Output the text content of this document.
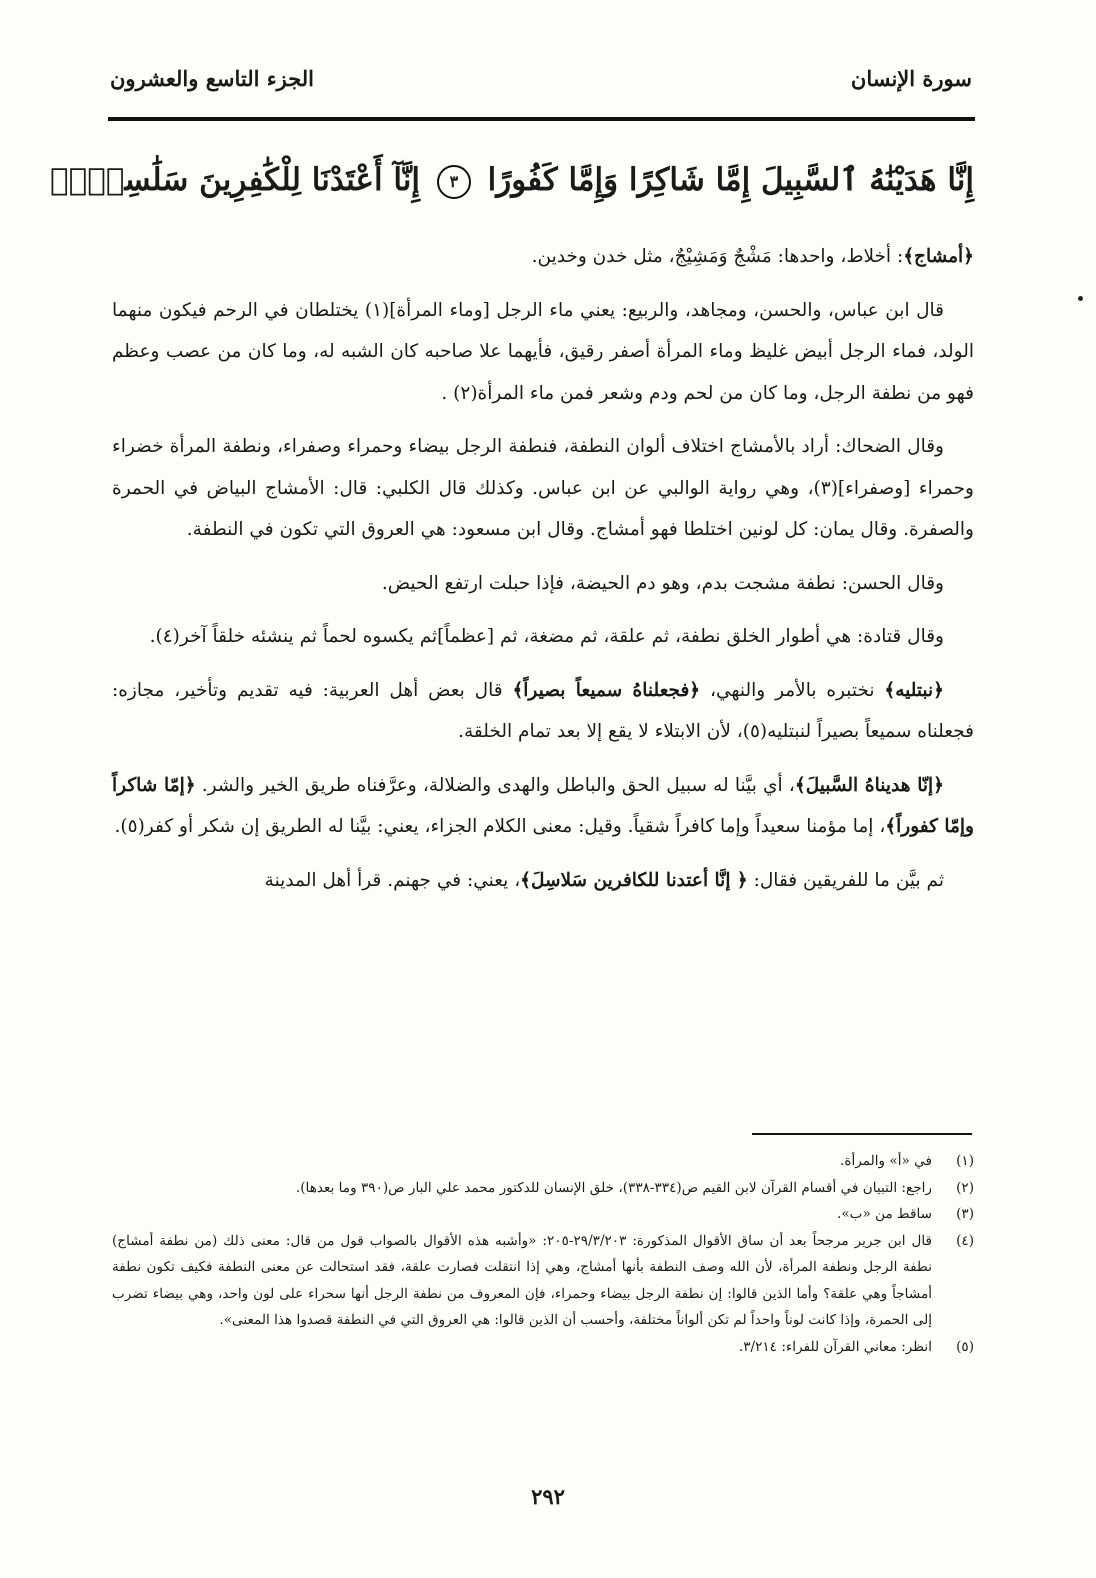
سورة الإنسان
الجزء التاسع والعشرون
إِنَّا هَدَيْنَٰهُ ٱلسَّبِيلَ إِمَّا شَاكِرًا وَإِمَّا كَفُورًا ٣ إِنَّآ أَعْتَدْنَا لِلْكَٰفِرِينَ سَلَٰسِلَا۟

﴿أمشاج﴾: أخلاط، واحدها: مَشْجٌ وَمَشِيْجٌ، مثل خدن وخدين.

قال ابن عباس، والحسن، ومجاهد، والربيع: يعني ماء الرجل [وماء المرأة](١) يختلطان في الرحم فيكون منهما الولد، فماء الرجل أبيض غليظ وماء المرأة أصفر رقيق، فأيهما علا صاحبه كان الشبه له، وما كان من عصب وعظم فهو من نطفة الرجل، وما كان من لحم ودم وشعر فمن ماء المرأة(٢) .

وقال الضحاك: أراد بالأمشاج اختلاف ألوان النطفة، فنطفة الرجل بيضاء وحمراء وصفراء، ونطفة المرأة خضراء وحمراء [وصفراء](٣)، وهي رواية الوالبي عن ابن عباس. وكذلك قال الكلبي: قال: الأمشاج البياض في الحمرة والصفرة. وقال يمان: كل لونين اختلطا فهو أمشاج. وقال ابن مسعود: هي العروق التي تكون في النطفة.

وقال الحسن: نطفة مشجت بدم، وهو دم الحيضة، فإذا حبلت ارتفع الحيض.

وقال قتادة: هي أطوار الخلق نطفة، ثم علقة، ثم مضغة، ثم [عظماً]ثم يكسوه لحماً ثم ينشئه خلقاً آخر(٤).

﴿نبتليه﴾ نختبره بالأمر والنهي، ﴿فجعلناهُ سميعاً بصيراً﴾ قال بعض أهل العربية: فيه تقديم وتأخير، مجازه: فجعلناه سميعاً بصيراً لنبتليه(٥)، لأن الابتلاء لا يقع إلا بعد تمام الخلقة.

﴿إنّا هديناهُ السَّبيلَ﴾، أي بيَّنا له سبيل الحق والباطل والهدى والضلالة، وعرَّفناه طريق الخير والشر. ﴿إمّا شاكراً وإمّا كفوراً﴾، إما مؤمنا سعيداً وإما كافراً شقياً. وقيل: معنى الكلام الجزاء، يعني: بيَّنا له الطريق إن شكر أو كفر(٥).

ثم بيَّن ما للفريقين فقال: ﴿ إنَّا أعتدنا للكافرين سَلاسِلَ﴾، يعني: في جهنم. قرأ أهل المدينة

(١)
في «أ» والمرأة.
(٢)
راجع: التبيان في أقسام القرآن لابن القيم ص(٣٣٤-٣٣٨)، خلق الإنسان للدكتور محمد علي البار ص(٣٩٠ وما بعدها).
(٣)
ساقط من «ب».
(٤)
قال ابن جرير مرجحاً بعد أن ساق الأقوال المذكورة: ٢٩/٣/٢٠٣-٢٠٥: «وأشبه هذه الأقوال بالصواب قول من قال: معنى ذلك (من نطفة أمشاج) نطفة الرجل ونطفة المرأة، لأن الله وصف النطفة بأنها أمشاج، وهي إذا انتقلت فصارت علقة، فقد استحالت عن معنى النطفة فكيف تكون نطفة أمشاجاً وهي علقة؟ وأما الذين قالوا: إن نطفة الرجل بيضاء وحمراء، فإن المعروف من نطفة الرجل أنها سحراء على لون واحد، وهي بيضاء تضرب إلى الحمرة، وإذا كانت لوناً واحداً لم تكن ألواناً مختلفة، وأحسب أن الذين قالوا: هي العروق التي في النطفة قصدوا هذا المعنى».
(٥)
انظر: معاني القرآن للفراء: ٣/٢١٤.
٢٩٢
